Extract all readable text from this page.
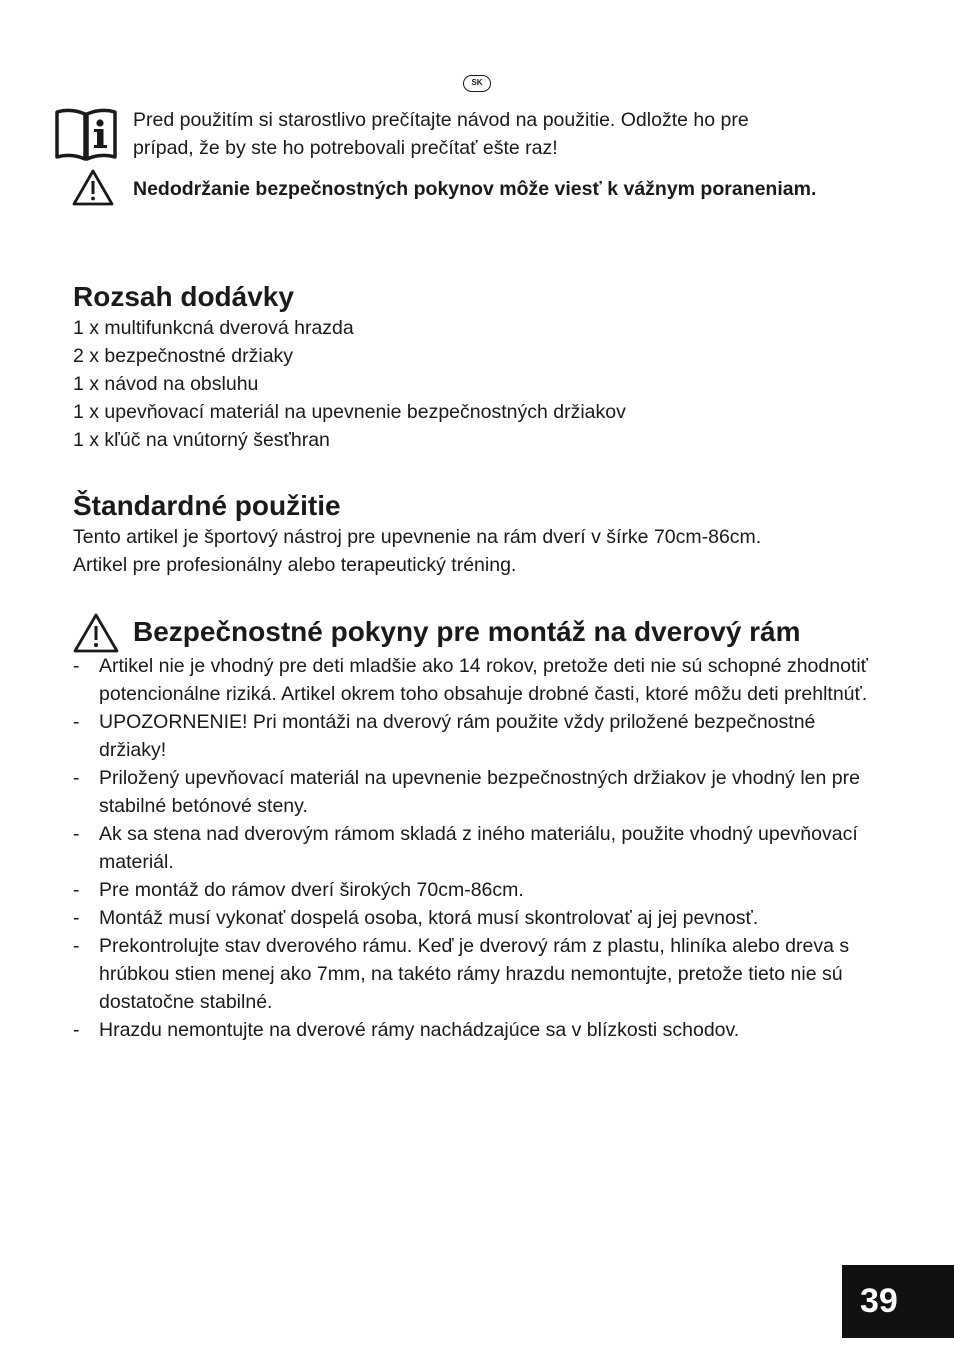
SK
Pred použitím si starostlivo prečítajte návod na použitie. Odložte ho pre prípad, že by ste ho potrebovali prečítať ešte raz!
Nedodržanie bezpečnostných pokynov môže viesť k vážnym poraneniam.
Rozsah dodávky
1 x multifunkcná dverová hrazda
2 x bezpečnostné držiaky
1 x návod na obsluhu
1 x upevňovací materiál na upevnenie bezpečnostných držiakov
1 x kľúč na vnútorný šesťhran
Štandardné použitie

Tento artikel je športový nástroj pre upevnenie na rám dverí v šírke 70cm-86cm.

Artikel pre profesionálny alebo terapeutický tréning.

Bezpečnostné pokyny pre montáž na dverový rám
- Artikel nie je vhodný pre deti mladšie ako 14 rokov, pretože deti nie sú schopné zhodnotiť potencionálne riziká. Artikel okrem toho obsahuje drobné časti, ktoré môžu deti prehltnúť.
- UPOZORNENIE! Pri montáži na dverový rám použite vždy priložené bezpečnostné držiaky!
- Priložený upevňovací materiál na upevnenie bezpečnostných držiakov je vhodný len pre stabilné betónové steny.
- Ak sa stena nad dverovým rámom skladá z iného materiálu, použite vhodný upevňovací materiál.
- Pre montáž do rámov dverí širokých 70cm-86cm.
- Montáž musí vykonať dospelá osoba, ktorá musí skontrolovať aj jej pevnosť.
- Prekontrolujte stav dverového rámu. Keď je dverový rám z plastu, hliníka alebo dreva s hrúbkou stien menej ako 7mm, na takéto rámy hrazdu nemontujte, pretože tieto nie sú dostatočne stabilné.
- Hrazdu nemontujte na dverové rámy nachádzajúce sa v blízkosti schodov.
39
